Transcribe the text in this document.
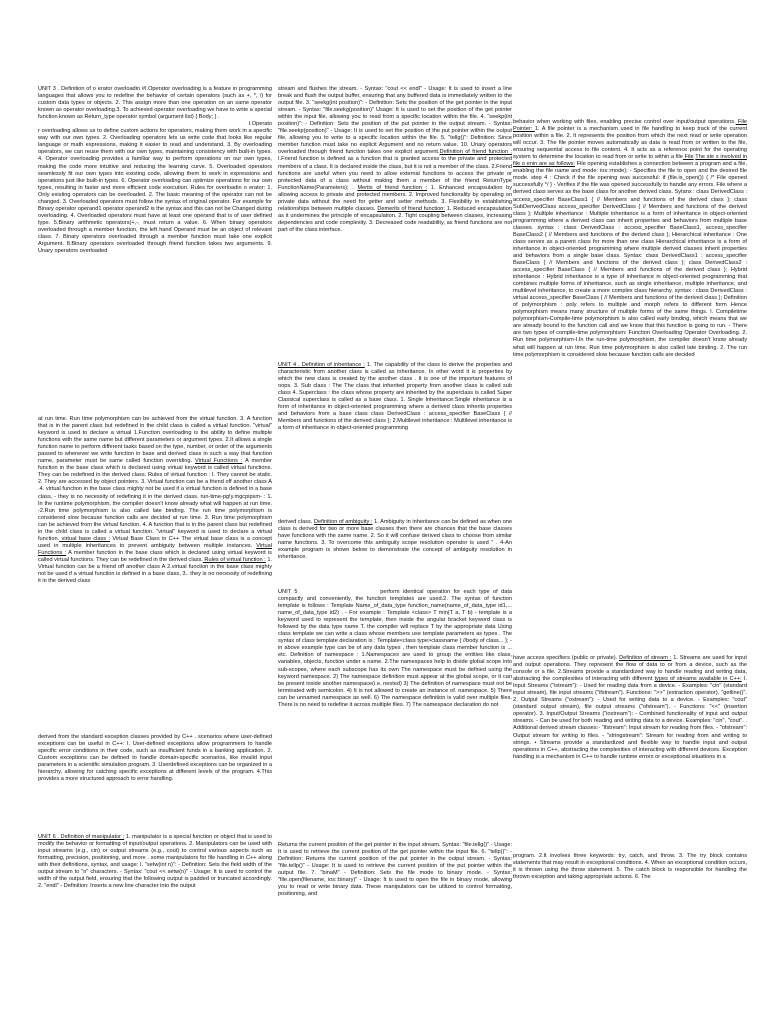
UNIT 3 . Definition of o erator overloadin #I.Operator overloading is a feature in programming languages that allows you to redefine the behavior of certain operators (such as +, *, /) for custom data types or objects. 2. This assign more than one operation on an same operator known as operator overloading.3. To achieved operator overloading we have to write a special function known as Return_type operator symbol (argument list) { Body; } .
I.Operato
r overloading allows us to define custom actions for operators, making them work in a specific way with our own types. 2. Overloading operators lets us write code that looks like regular language or math expressions, making it easier to read and understand. 3. By overloading operators, we can reuse them with our own types, maintaining consistency with built-in types. 4. Operator overloading provides a familiar way to perform operations on our own types, making the code more intuitive and reducing the learning curve. 5. Overloaded operators seamlessly fit our own types into existing code, allowing them to work in expressions and operations just like built-in types. 6. Operator overloading can optimize operations for our own types, resulting in faster and more efficient code execution. Rules for overloadin o erator: 1. Only existing operators can be overloaded. 2. The basic meaning of the operator can not be changed. 3. Overloaded operators must follow the syntax of original operator. For example for Binary operator operand1 operator operand2 is the syntax and this can not be Changed during overloading. 4. Overloaded operators must have at least one operand that is of user defined type. 5.Binary arithmetic operators(+,-, must return a value. 6. When binary operators overloaded through a member function, the left hand Operand must be an object of relevant class. 7. Binary operators overloaded through a member function must take one explicit Argument. 8.Binary operators overloaded through friend function takes two arguments. 9. Unary operators overloaded

at run time. Run time polymorphism can be achieved from the virtual function. 3. A function that is in the parent class but redefined in the child class is called a virtual function. "virtual" keyword is used to declare a virtual 1.Function overloading is the ability to define multiple functions with the same name but different parameters or argument types. 2.It allows a single function name to perform different tasks based on the type, number, or order of the arguments passed to whenever we write function in base and derived class in such a way that function name, parameter must be same called function overriding. Virtual Functions : A member function in the base class which is declared using virtual keyword is called virtual functions. They can be redefined in the derived class. Rules of virtual function : I. They cannot be static. 2. They are accessed by object pointers. 3. Virtual function can be a friend off another class A .4. virtual function in the base class mighty not be used if a virtual function is defined in a base class, - they is no necessity of redefining it in the derived class. run-time-pg!y.mgcpipsm- : 1. In the runtime polymorphism, the compiler doesn't know already what will happen at run time. -2.Run time polymorphism is also called late binding. The run time polymorphism is considered slow because function calls are decided at run time. 3. Run time polymorphism can be achieved from the virtual function. 4. A function that is in the parent class but redefined in the child class is called a virtual function. "virtual" keyword is used to declare a virtual function. virtual base class : Virtual Base Class in C++ The virtual base class is a concept used in multiple inheritances to prevent ambiguity between multiple instances. Virtual Functions : A member function in the base class which is declared using virtual keyword is called virtual functions. They can be redefined in the derived class. Rules of virtual function : 1. Virtual function can be a friend off another class A 2.virtual function in the base class mighty not be used if a virtual function is defined in a base class, 3.. they is no necessity of redefining it in the derived class

derived from the standard exception classes provided by C++ . scenarios where user-defined exceptions can be useful in C++: I. User-defined exceptions allow programmers to handle specific error conditions in their code, such as insufficient funds in a banking application. 2. Custom exceptions can be defined to handle domain-specific scenarios, like invalid input parameters in a scientific simulation program. 3. Userdefined exceptions can be organized in a hierarchy, allowing for catching specific exceptions at different levels of the program. 4.This provides a more structured approach to error handling.

UNIT 6 . Definition of manipulator : 1. manipulator is a special function or object that is used to modify the behavior or formatting of input/output operations. 2. Manipulators can be used with input streams (e.g., cin) or output streams (e.g., cout) to control various aspects such as formatting, precision, positioning, and more . some manipulators for file handling in C++ along with their definitions, syntax, and usage: I. "setw(int n)": - Definition: Sets the field width of the output stream to "n" characters. - Syntax: "cout << setw(n)" - Usage: It is used to control the width of the output field, ensuring that the following output is padded or truncated accordingly. 2. "endl" - Definition: Inserts a new line character into the output

stream and flushes the stream. - Syntax: "cout << endl" - Usage: It is used to insert a line break and flush the output buffer, ensuring that any buffered data is immediately written to the output file. 3. "seekg(int position)": - Definition: Sets the position of the get pointer in the input stream. - Syntax: "file.seekg(position)" Usage: It is used to set the position of the get pointer within the input file, allowing you to read from a specific location within the file. 4. "seekp(int position)": - Definition: Sets the position of the put pointer in the output stream. - Syntax: "file.seekp(position)" - Usage: It is used to set the position of the put pointer within the output file, allowing you to write to a specific location within the file. 5. "tellg()": Definition: Since member function must take no explicit Argument and no return value. 10. Unary operators overloaded through friend function takes one explicit argument.Definition of friend function : I.Friend function is defined as a function that is granted access to the private and protected members of a class. It is declared inside the class, but it is not a member of the class. 2.Friend functions are useful when you need to allow external functions to access the private or protected data of a class without making them a member of the friend ReturnType FunctionName(Parameters); . Merits of friend function : 1. Enhanced encapsulation by allowing access to private and protected members. 2. Improved functionality by operating on private data without the need for getter and setter methods. 3. Flexibility in establishing relationships between multiple classes. Demerits of friend function: 1. Reduced encapsulation as it undermines the principle of encapsulation. 2. Tight coupling between classes, increasing dependencies and code complexity. 3. Decreased code readability, as friend functions are not part of the class interface.

UNIT 4 . Definition of inheritance : 1. The capability of the class to derive the properties and characteristic from another class is called as inheritance. In other word it is properties by which the new class is created by the another class . It is one of the important features of oops. 3. Sub class : The The class that inherited property from another class is called sub class 4. Superclass : the class whose property are inherited by the superclass is called Super Classical superclass is called as a base class. 1. Single Inheritance:Single inheritance is a form of inheritance in object-oriented programming where a derived class inherits properties and behaviors from a base class class DerivedClass : access_specifier BaseClass { // Members and functions of the derived class }; 2.Multilevel inheritance : Multilevel inheritance is a form of inheritance in object-oriented programming

derived class. Definition of ambiguity : 1. Ambiguity in inheritance can be defined as when one class is derived for two or more base classes then there are chances that the base classes have functions with the same name. 2. So it will confuse derived class to choose from similar name functions. 3. To overcome this ambiguity scope resolution operator is used " . 4-An example program is shown below to demonstrate the concept of ambiguity resolution in inheritance.

UNIT 5	perform identical operation for each type of data compactly and conveniently, the function templates are used.2. The syntax of function template is follows : Template Name_of_data_type function_name(name_of_data_type id1,... name_of_data_type id2) . - For example : Template <class> T min(T a, T b) - template is a keyword used to represent the template, then inside the angular bracket keyword class is followed by the data type name T. the compiler will replace T by the appropriate data Using class template we can write a class whose members use template parameters as types . The syntax of class template declaration is : Template<class type>classname { //body of class... }; - in above example type can be of any data types , then template class member function is ... etc. Definition of namespace : 1.Namespaces are used to group the entities like class, variables, objects, function under a name. 2.The namespaces help to divide global scope into sub-scopes, where each subscope has its own The namespace must be defined using the keyword namespace. 2) The namespace definition must appear at the global scope, or it can be present inside another namespace(i.e. nested) 3) The definition of namespace must not be terminated with semicolon. 4) It is not allowed to create an instance of. namespace. 5) There can be unnamed namespace as well. 6) The namespace definition is valid over multiple files. There is no need to redefine it across multiple files. 7) The namespace declaration do not

Returns the current position of the get pointer in the input stream. Syntax: "file.tellg()" - Usage: It is used to retrieve the current position of the get pointer within the input file. 6. "tellp()": - Definition: Returns the current position of the put pointer in the output stream. - Syntax: "file.tellp()" - Usage: It is used to retrieve the current position of the put pointer within the output file. 7. "binaM" - Definition: Sets the file mode to binary mode. - Syntax: "file.open(filename, ios::binary)" - Usage: It is used to open the file in binary mode, allowing you to read or write binary data. These manipulators can be utilized to control formatting, positioning, and

behavior when working with files, enabling precise control over input/output operations. File Pointer: 1. A file pointer is a mechanism used in file handling to keep track of the current position within a file. 2. It represents the position from which the next read or write operation will occur. 3. The file pointer moves automatically as data is read from or written to the file, ensuring sequential access to file content. 4. It acts as a reference point for the operating system to determine the location to read from or write to within a file File The ste s involved in file o enin are as follows: File opening establishes a connection between a program and a file, enabling the file name and mode: ios::mode); - Specifies the file to open and the desired file mode. step 4 : Check if the file opening was successful: if (file.is_open()) { /* File opened successfully */ } - Verifies if the file was opened successfully to handle any errors. File where a derived class serves as the base class for another derived class. Sytanx : class DerivedClass : access_specifier BaseClass1 { // Members and functions of the derived class }; class SubDerivedClass access_specifier DerivedClass { // Members and functions of the derived class }; Multiple inheritance : Multiple inheritance is a form of inheritance in object-oriented programming where a derived class can inherit properties and behaviors from multiple base classes. syntax : class DerivedClass : access_specifier BaseClass1, access_specifier BaseClass2 { // Members and functions of the derived class }; Hierarchical inheritance : One class serves as a parent class for more than one class Hierarchical inheritance is a form of inheritance in object-oriented programming where multiple derived classes inherit properties and behaviors from a single base class. Syntax: class DerivedClass1 : access_specifier BaseClass { // Members and functions of the derived class }; class DerivedClass2 : access_specifier BaseClass { // Members and functions of the derived class }; Hybrid inheritance : Hybrid inheritance is a type of inheritance in object-oriented programming that combines multiple forms of inheritance, such as single inheritance, multiple inheritance, and multilevel inheritance, to create a more complex class hierarchy. syntax : class DerivedClass : virtual access_specifier BaseClass { // Members and functions of the derived class }; Definition of polymorphism : poly refers to multiple and morph refers to different form Hence polymorphism means many structure of multiple forms of the same things. I. Compiletime polymorphism-Compile-time polymorphism is also called early binding, which means that we are already bound to the function call and we know that this function is going to run. - There are two types of compile-time polymorphism: Function Overloading Operator Overloading. 2. Run time polymorphism-I.In the run-time polymorphism, the compiler doesn't know already what will happen at run time. Run time polymorphism is also called late binding. 2. The run time polymorphism is considered slow because function calls are decided

have access specifiers (public or private). Definition of stream : 1. Streams are used for input and output operations. They represent the flow of data to or from a device, such as the console or a file. 2.Streams provide a standardized way to handle reading and writing data, abstracting the complexities of interacting with different types of streams available in C++: I. Input Streams ("istream"): - Used for reading data from a device. - Examples: "cin" (standard input stream), file input streams ("ifstream"). Functions: ">>" (extraction operator), "getline()". 2. Output Streams ("ostream"): - Used for writing data to a device. - Examples: "cout" (standard output stream), file output streams ("ofstream"). - Functions: "<<" (insertion operator). 3. Input/Output Streams ("iostream"): - Combined functionality of input and output streams. - Can be used for both reading and writing data to a device. Examples: "cin", "cout". . Additional derived stream classes:- "ifstream": Input stream for reading from files. - "ofstream": Output stream for writing to files. - "stringstream": Stream for reading from and writing to strings. • Streams provide a standardized and flexible way to handle input and output operations in C++, abstracting the complexities of interacting with different devices. Exception handling is a mechanism in C++ to handle runtime errors or exceptional situations in a

program. 2.It involves three keywords: try, catch, and throw. 3. The try block contains statements that may result in exceptional conditions. 4. When an exceptional condition occurs, it is thrown using the throw statement. 5. The catch block is responsible for handling the thrown exception and taking appropriate actions. 6. The
